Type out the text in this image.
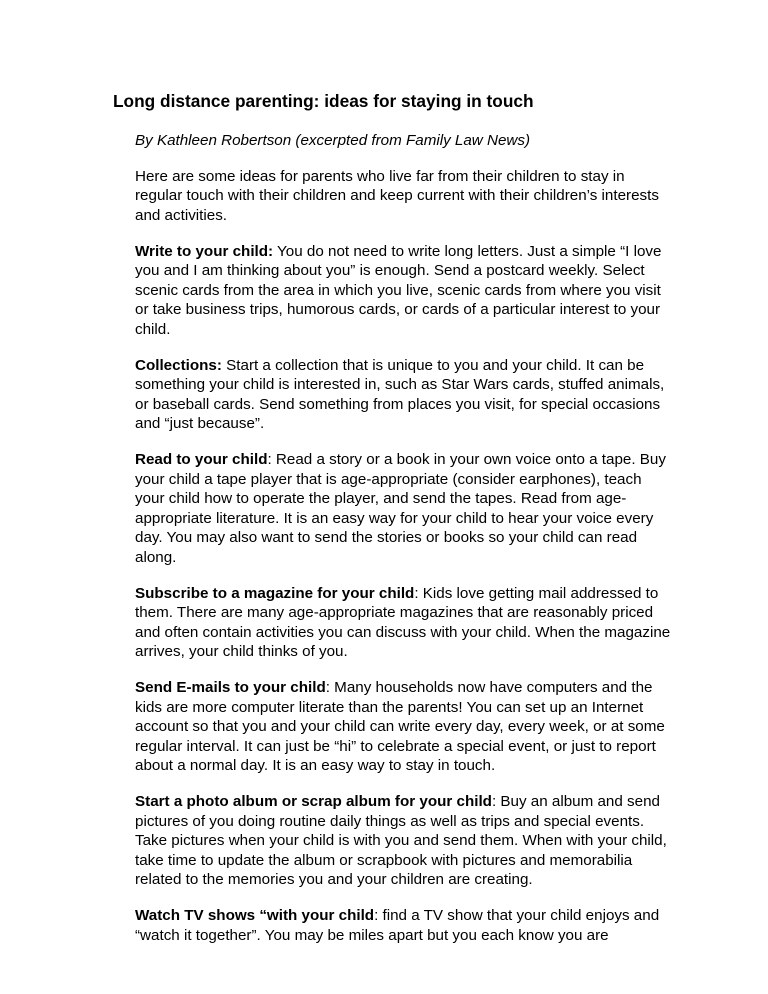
Long distance parenting: ideas for staying in touch

By Kathleen Robertson (excerpted from Family Law News)

Here are some ideas for parents who live far from their children to stay in regular touch with their children and keep current with their children’s interests and activities.

Write to your child: You do not need to write long letters. Just a simple “I love you and I am thinking about you” is enough. Send a postcard weekly. Select scenic cards from the area in which you live, scenic cards from where you visit or take business trips, humorous cards, or cards of a particular interest to your child.

Collections: Start a collection that is unique to you and your child. It can be something your child is interested in, such as Star Wars cards, stuffed animals, or baseball cards. Send something from places you visit, for special occasions and “just because”.

Read to your child: Read a story or a book in your own voice onto a tape. Buy your child a tape player that is age-appropriate (consider earphones), teach your child how to operate the player, and send the tapes. Read from age-appropriate literature. It is an easy way for your child to hear your voice every day. You may also want to send the stories or books so your child can read along.

Subscribe to a magazine for your child: Kids love getting mail addressed to them. There are many age-appropriate magazines that are reasonably priced and often contain activities you can discuss with your child. When the magazine arrives, your child thinks of you.

Send E-mails to your child: Many households now have computers and the kids are more computer literate than the parents! You can set up an Internet account so that you and your child can write every day, every week, or at some regular interval. It can just be “hi” to celebrate a special event, or just to report about a normal day. It is an easy way to stay in touch.

Start a photo album or scrap album for your child: Buy an album and send pictures of you doing routine daily things as well as trips and special events. Take pictures when your child is with you and send them. When with your child, take time to update the album or scrapbook with pictures and memorabilia related to the memories you and your children are creating.

Watch TV shows “with your child: find a TV show that your child enjoys and “watch it together”. You may be miles apart but you each know you are
